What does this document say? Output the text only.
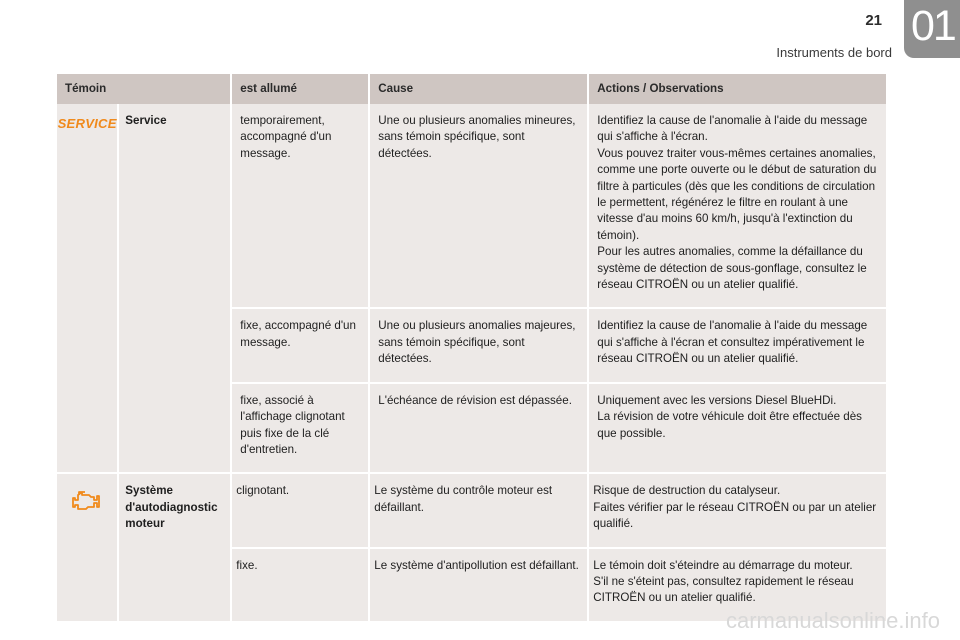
21
Instruments de bord
01
Témoin		est allumé	Cause	Actions / Observations
SERVICE	Service	temporairement, accompagné d'un message.	Une ou plusieurs anomalies mineures, sans témoin spécifique, sont détectées.	Identifiez la cause de l'anomalie à l'aide du message qui s'affiche à l'écran.
Vous pouvez traiter vous-mêmes certaines anomalies, comme une porte ouverte ou le début de saturation du filtre à particules (dès que les conditions de circulation le permettent, régénérez le filtre en roulant à une vitesse d'au moins 60 km/h, jusqu'à l'extinction du témoin).
Pour les autres anomalies, comme la défaillance du système de détection de sous-gonflage, consultez le réseau CITROËN ou un atelier qualifié.
		fixe, accompagné d'un message.	Une ou plusieurs anomalies majeures, sans témoin spécifique, sont détectées.	Identifiez la cause de l'anomalie à l'aide du message qui s'affiche à l'écran et consultez impérativement le réseau CITROËN ou un atelier qualifié.
		fixe, associé à l'affichage clignotant puis fixe de la clé d'entretien.	L'échéance de révision est dépassée.	Uniquement avec les versions Diesel BlueHDi.
La révision de votre véhicule doit être effectuée dès que possible.

	Système d'autodiagnostic moteur	clignotant.	Le système du contrôle moteur est défaillant.	Risque de destruction du catalyseur.
Faites vérifier par le réseau CITROËN ou par un atelier qualifié.
		fixe.	Le système d'antipollution est défaillant.	Le témoin doit s'éteindre au démarrage du moteur.
S'il ne s'éteint pas, consultez rapidement le réseau CITROËN ou un atelier qualifié.
carmanualsonline.info
